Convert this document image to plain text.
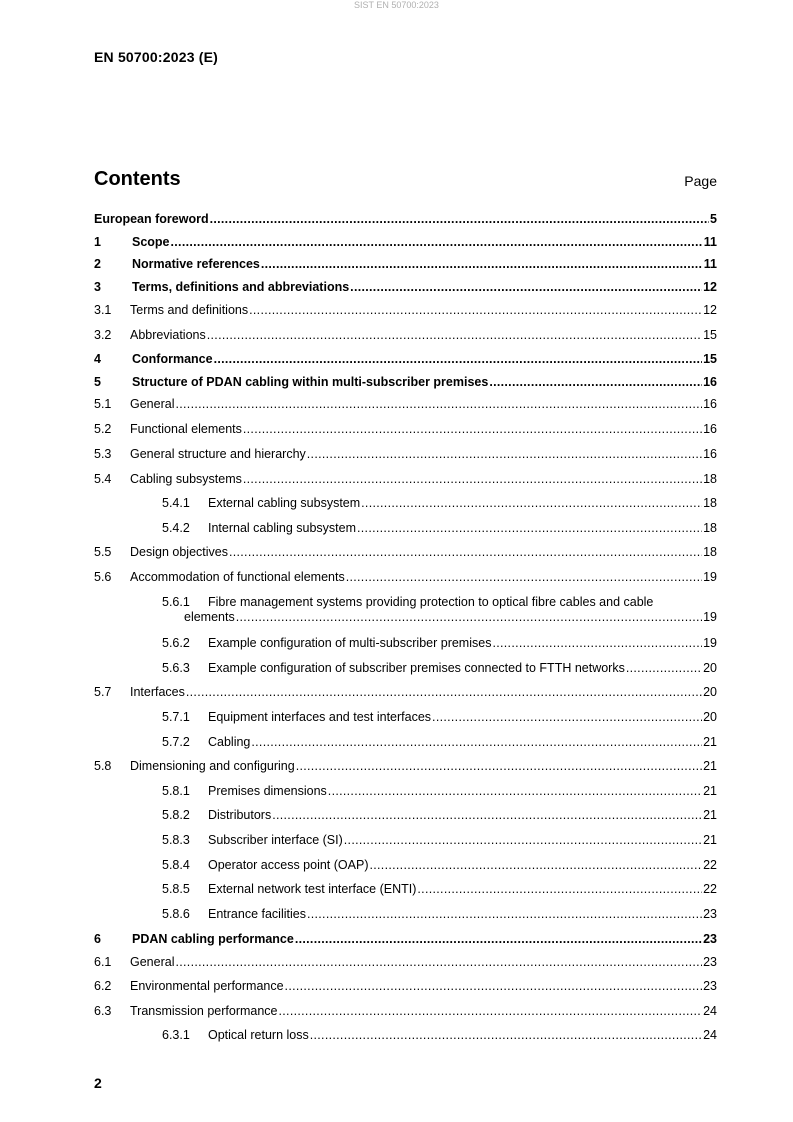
SIST EN 50700:2023
EN 50700:2023 (E)
Contents	Page
European foreword .....	5
1	Scope .....	11
2	Normative references .....	11
3	Terms, definitions and abbreviations .....	12
3.1	Terms and definitions .....	12
3.2	Abbreviations .....	15
4	Conformance .....	15
5	Structure of PDAN cabling within multi-subscriber premises .....	16
5.1	General .....	16
5.2	Functional elements .....	16
5.3	General structure and hierarchy .....	16
5.4	Cabling subsystems .....	18
5.4.1	External cabling subsystem .....	18
5.4.2	Internal cabling subsystem .....	18
5.5	Design objectives .....	18
5.6	Accommodation of functional elements .....	19
5.6.1	Fibre management systems providing protection to optical fibre cables and cable
elements .....	19
5.6.2	Example configuration of multi-subscriber premises .....	19
5.6.3	Example configuration of subscriber premises connected to FTTH networks .....	20
5.7	Interfaces .....	20
5.7.1	Equipment interfaces and test interfaces .....	20
5.7.2	Cabling .....	21
5.8	Dimensioning and configuring .....	21
5.8.1	Premises dimensions .....	21
5.8.2	Distributors .....	21
5.8.3	Subscriber interface (SI) .....	21
5.8.4	Operator access point (OAP) .....	22
5.8.5	External network test interface (ENTI) .....	22
5.8.6	Entrance facilities .....	23
6	PDAN cabling performance .....	23
6.1	General .....	23
6.2	Environmental performance .....	23
6.3	Transmission performance .....	24
6.3.1	Optical return loss .....	24
2
